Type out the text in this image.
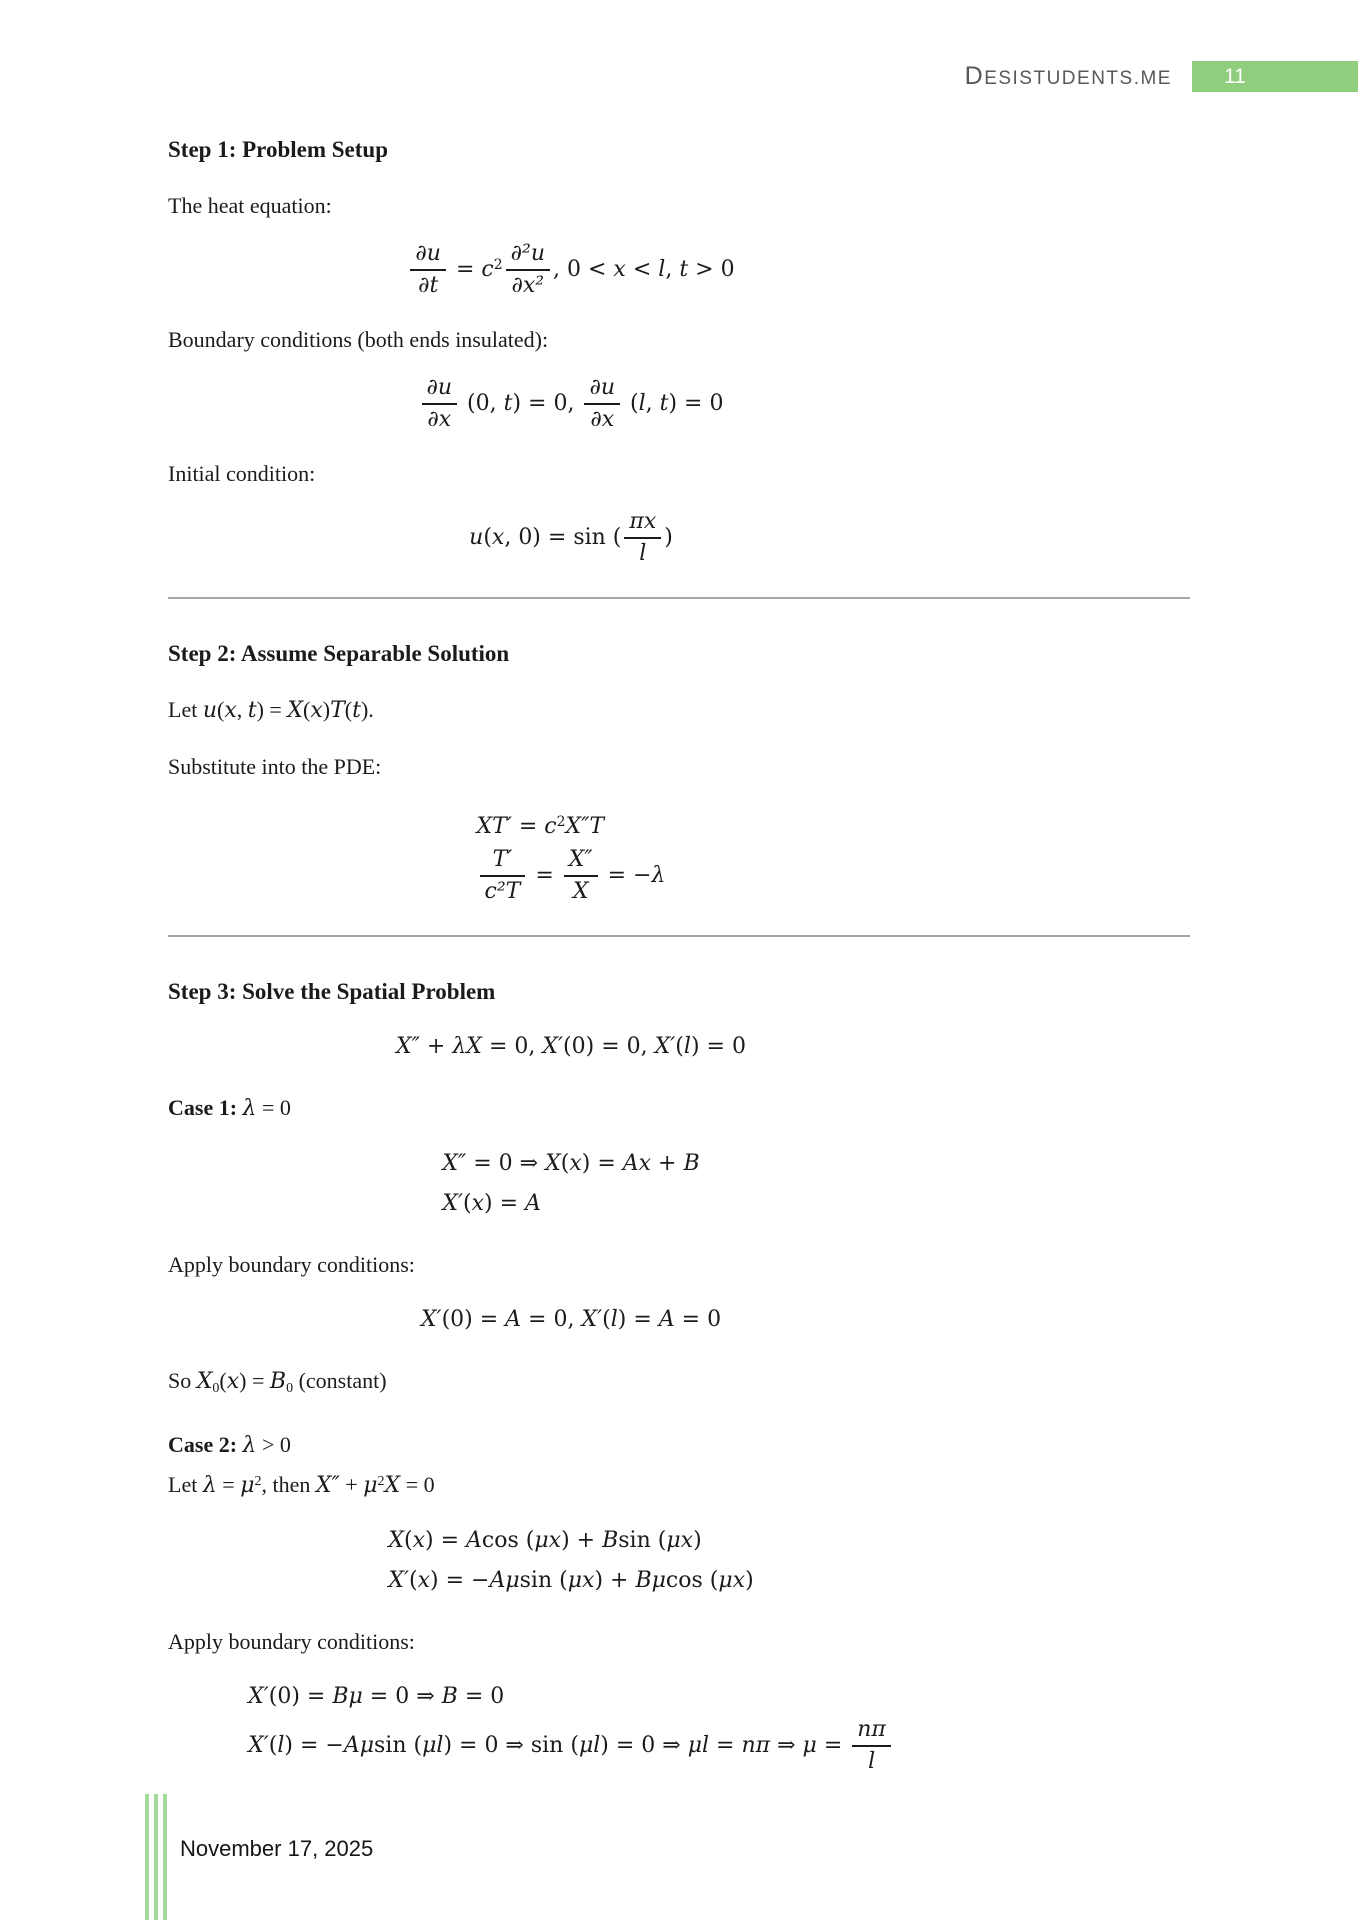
DESISTUDENTS.ME 11
Step 1: Problem Setup

The heat equation:

$\frac{\partial u}{\partial t} = c^2 \frac{\text{∂²u}}{\text{∂x²}}$ , 0 < x < l, t > 0

Boundary conditions (both ends insulated):

$\frac{\partial u}{\partial x} (0$, t) = 0, $\frac{\partial u}{\partial x} (l$, t) = 0

Initial condition:

u(x, 0) = sin ( $\frac{\pi x}{l}$ )
Step 2: Assume Separable Solution

Let u(x, t) = X(x)T(t).

Substitute into the PDE:

$XT' = c^2X''T$
$\frac{T'}{\text{c²T}} = \frac{X''}{X} = -\lambda$
Step 3: Solve the Spatial Problem
X″ + λX = 0, X′(0) = 0, X′(l) = 0

Case 1: λ = 0

X″ = 0 ⇒ X(x) = Ax + B
X′(x) = A

Apply boundary conditions:

X′(0) = A = 0, X′(l) = A = 0

So X0(x) = B0 (constant)

Case 2: λ > 0

Let $\lambda = \mu^2$, then $X'' + \mu^2X = 0$

X(x) = Acos (μx) + Bsin (μx)
X′(x) = −Aμsin (μx) + Bμcos (μx)

Apply boundary conditions:

X′(0) = Bμ = 0 ⇒ B = 0
X′(l) = −Aμsin (μl) = 0 ⇒ sin (μl) = 0 ⇒ μl = nπ ⇒ $\mu = \frac{n\pi}{l}$
November 17, 2025
